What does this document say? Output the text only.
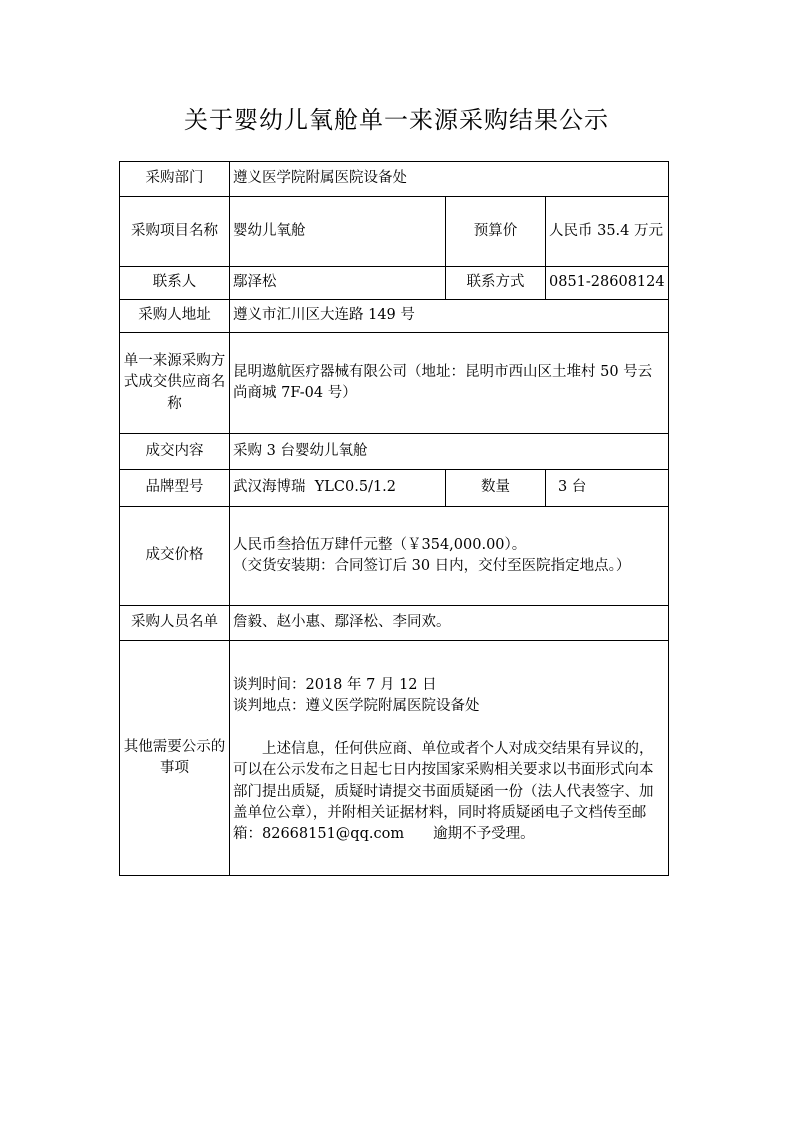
关于婴幼儿氧舱单一来源采购结果公示
采购部门	遵义医学院附属医院设备处		
采购项目名称	婴幼儿氧舱	预算价	人民币 35.4 万元
联系人	鄢泽松	联系方式	0851-28608124
采购人地址	遵义市汇川区大连路 149 号		
单一来源采购方式成交供应商名称	昆明遨航医疗器械有限公司（地址：昆明市西山区土堆村 50 号云尚商城 7F-04 号）		
成交内容	采购 3 台婴幼儿氧舱		
品牌型号	武汉海博瑞  YLC0.5/1.2	数量	3 台
成交价格	人民币叁拾伍万肆仟元整（￥354,000.00）。
（交货安装期：合同签订后 30 日内，交付至医院指定地点。）		

采购人员名单	詹毅、赵小惠、鄢泽松、李同欢。		
其他需要公示的事项	谈判时间：2018 年 7 月 12 日
谈判地点：遵义医学院附属医院设备处
上述信息，任何供应商、单位或者个人对成交结果有异议的，可以在公示发布之日起七日内按国家采购相关要求以书面形式向本部门提出质疑，质疑时请提交书面质疑函一份（法人代表签字、加盖单位公章），并附相关证据材料，同时将质疑函电子文档传至邮箱：82668151@qq.com　　逾期不予受理。		
